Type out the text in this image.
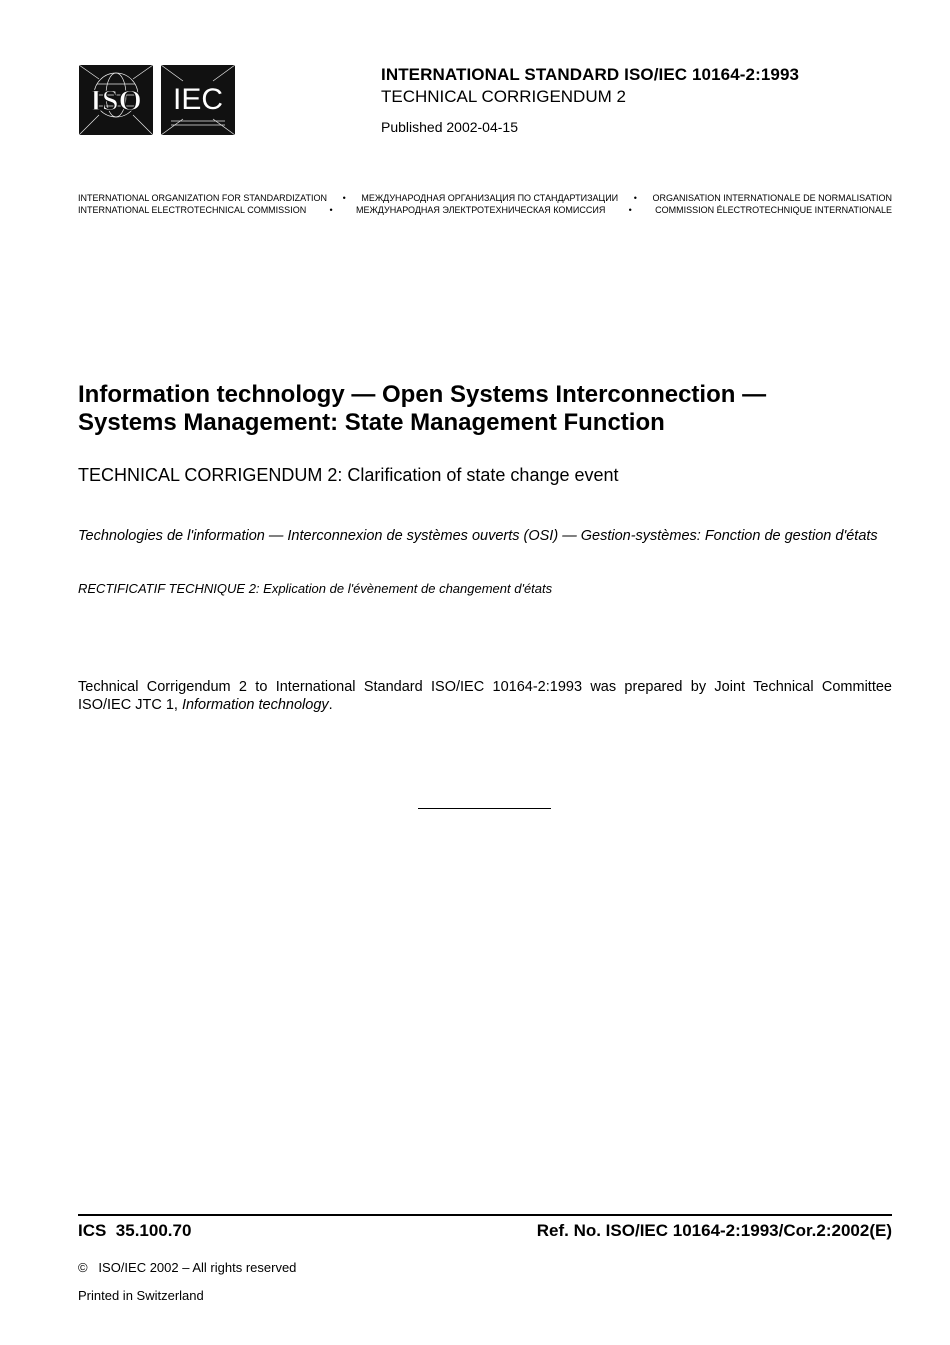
ISO IEC
INTERNATIONAL STANDARD ISO/IEC 10164-2:1993
TECHNICAL CORRIGENDUM 2
Published 2002-04-15
INTERNATIONAL ORGANIZATION FOR STANDARDIZATION • МЕЖДУНАРОДНАЯ ОРГАНИЗАЦИЯ ПО СТАНДАРТИЗАЦИИ • ORGANISATION INTERNATIONALE DE NORMALISATION
INTERNATIONAL ELECTROTECHNICAL COMMISSION	•	МЕЖДУНАРОДНАЯ ЭЛЕКТРОТЕХНИЧЕСКАЯ КОМИССИЯ	•	COMMISSION ÉLECTROTECHNIQUE INTERNATIONALE
Information technology — Open Systems Interconnection —
Systems Management: State Management Function
TECHNICAL CORRIGENDUM 2: Clarification of state change event
Technologies de l'information — Interconnexion de systèmes ouverts (OSI) — Gestion-systèmes: Fonction de gestion d'états
RECTIFICATIF TECHNIQUE 2: Explication de l'évènement de changement d'états
Technical Corrigendum 2 to International Standard ISO/IEC 10164-2:1993 was prepared by Joint Technical Committee ISO/IEC JTC 1, Information technology.
ICS  35.100.70	Ref. No. ISO/IEC 10164-2:1993/Cor.2:2002(E)
©   ISO/IEC 2002 – All rights reserved
Printed in Switzerland
